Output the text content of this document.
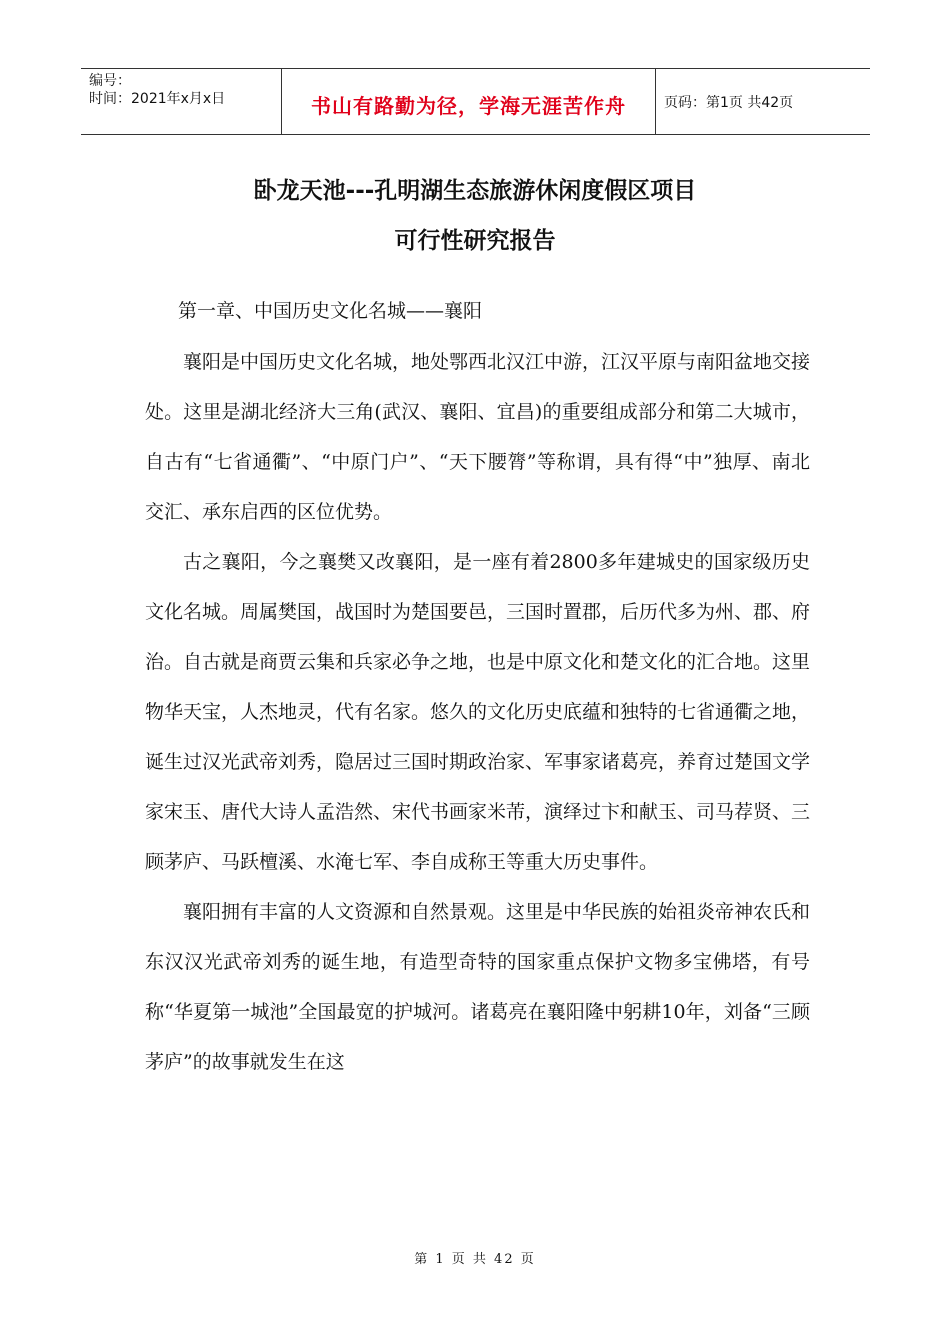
编号：
时间：2021年x月x日	书山有路勤为径，学海无涯苦作舟	页码：第1页 共42页
卧龙天池---孔明湖生态旅游休闲度假区项目
可行性研究报告
第一章、中国历史文化名城——襄阳

襄阳是中国历史文化名城，地处鄂西北汉江中游，江汉平原与南阳盆地交接处。这里是湖北经济大三角(武汉、襄阳、宜昌)的重要组成部分和第二大城市，自古有“七省通衢”、“中原门户”、“天下腰膂”等称谓，具有得“中”独厚、南北交汇、承东启西的区位优势。

古之襄阳，今之襄樊又改襄阳，是一座有着2800多年建城史的国家级历史文化名城。周属樊国，战国时为楚国要邑，三国时置郡，后历代多为州、郡、府治。自古就是商贾云集和兵家必争之地，也是中原文化和楚文化的汇合地。这里物华天宝，人杰地灵，代有名家。悠久的文化历史底蕴和独特的七省通衢之地，诞生过汉光武帝刘秀，隐居过三国时期政治家、军事家诸葛亮，养育过楚国文学家宋玉、唐代大诗人孟浩然、宋代书画家米芾，演绎过卞和献玉、司马荐贤、三顾茅庐、马跃檀溪、水淹七军、李自成称王等重大历史事件。

襄阳拥有丰富的人文资源和自然景观。这里是中华民族的始祖炎帝神农氏和东汉汉光武帝刘秀的诞生地，有造型奇特的国家重点保护文物多宝佛塔，有号称“华夏第一城池”全国最宽的护城河。诸葛亮在襄阳隆中躬耕10年，刘备“三顾茅庐”的故事就发生在这

第 1 页 共 42 页
